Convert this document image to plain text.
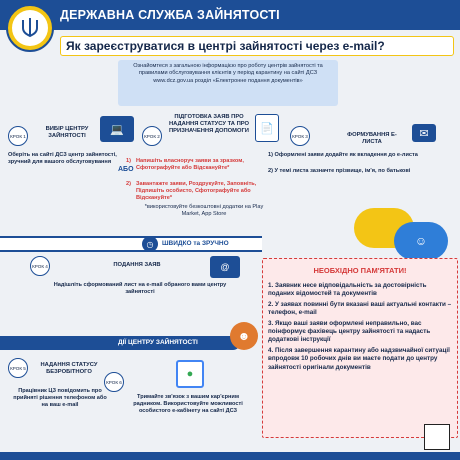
ДЕРЖАВНА СЛУЖБА ЗАЙНЯТОСТІ
Як зареєструватися в центрі зайнятості через e-mail?
Ознайомтеся з загальною інформацією про роботу центрів зайнятості та правилами обслуговування клієнтів у період карантину на сайті ДСЗ www.dcz.gov.ua розділ «Електронне подання документів»
КРОК 1
ВИБІР ЦЕНТРУ ЗАЙНЯТОСТІ
💻
Оберіть на сайті ДСЗ центр зайнятості, зручний для вашого обслуговування
АБО
КРОК 2
ПІДГОТОВКА ЗАЯВ ПРО НАДАННЯ СТАТУСУ ТА ПРО ПРИЗНАЧЕННЯ ДОПОМОГИ	📄
1) Напишіть власноруч заяви за зразком, Сфотографуйте або Відскануйте*
2) Завантажте заяви, Роздрукуйте, Заповніть, Підпишіть особисто, Сфотографуйте або Відскануйте*
*використовуйте безкоштовні додатки на Play Market, App Store
КРОК 3	ФОРМУВАННЯ Е-ЛИСТА
✉
1) Оформлені заяви додайте як вкладення до e-листа
2) У темі листа зазначте прізвище, ім'я, по батькові
☺
◷	ШВИДКО та ЗРУЧНО
КРОК 4	ПОДАННЯ ЗАЯВ	@
Надішліть сформований лист на e-mail обраного вами центру зайнятості
ДІЇ ЦЕНТРУ ЗАЙНЯТОСТІ	☻
КРОК 5	НАДАННЯ СТАТУСУ БЕЗРОБІТНОГО
Працівник ЦЗ повідомить про прийняті рішення телефоном або на ваш e-mail
КРОК 6
●
Тримайте зв'язок з вашим кар'єрним радником. Використовуйте можливості особистого е-кабінету на сайті ДСЗ
НЕОБХІДНО ПАМ'ЯТАТИ!
1. Заявник несе відповідальність за достовірність поданих відомостей та документів
2. У заявах повинні бути вказані ваші актуальні контакти – телефон, e-mail
3. Якщо ваші заяви оформлені неправильно, вас поінформує фахівець центру зайнятості та надасть додаткові інструкції
4. Після завершення карантину або надзвичайної ситуації впродовж 10 робочих днів ви маєте подати до центру зайнятості оригінали документів
